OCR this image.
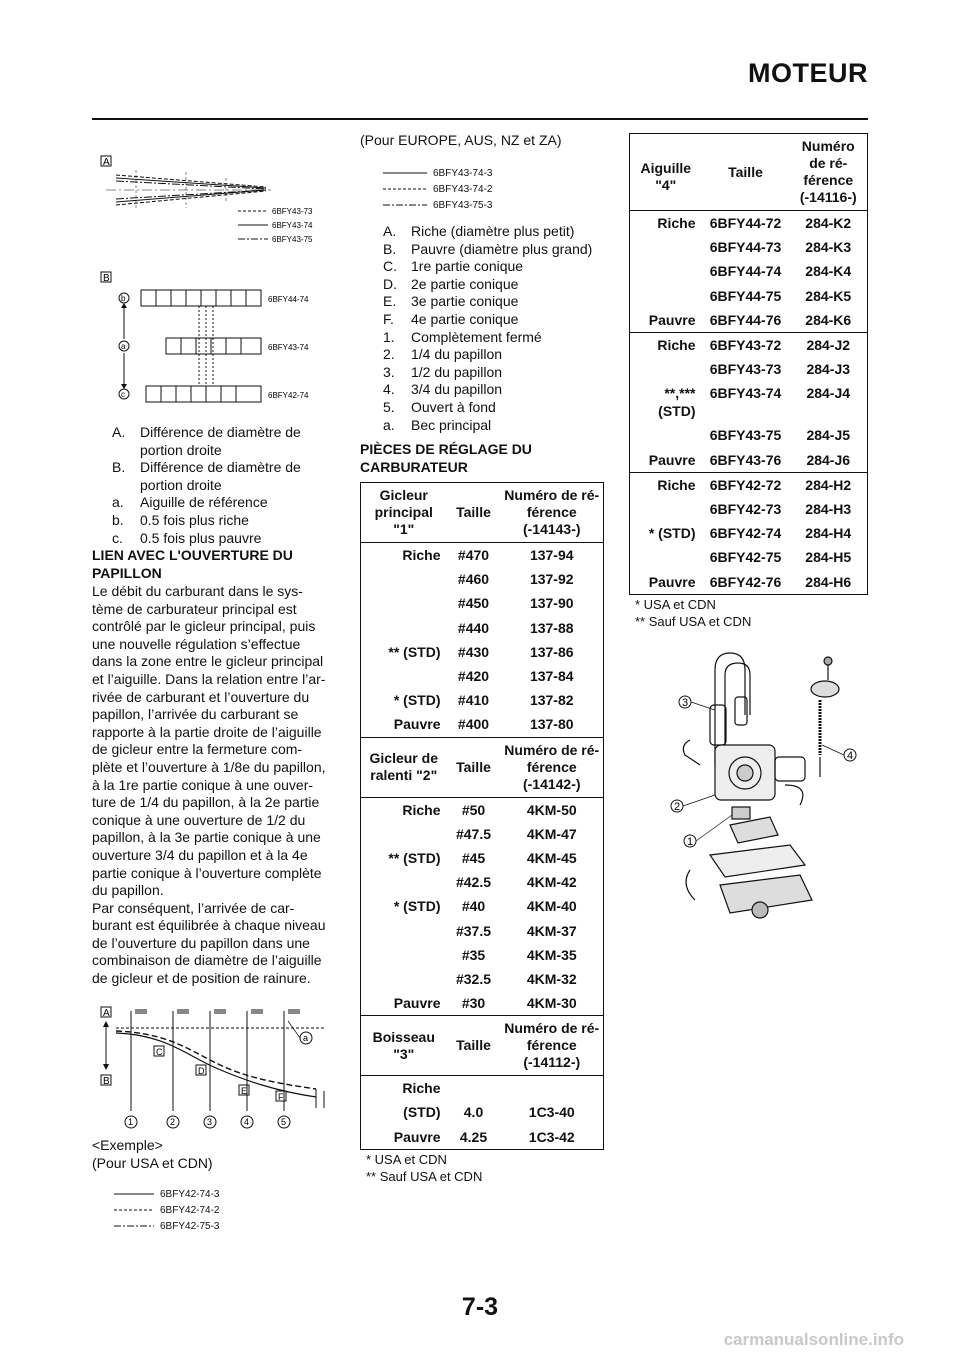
MOTEUR
A
6BFY43-73
6BFY43-74
6BFY43-75
B
b
a
c
6BFY44-74
6BFY43-74
6BFY42-74
A.	Différence de diamètre de portion droite
B.	Différence de diamètre de portion droite
a.	Aiguille de référence
b.	0.5 fois plus riche
c.	0.5 fois plus pauvre
LIEN AVEC L'OUVERTURE DU PAPILLON
Le débit du carburant dans le sys-
tème de carburateur principal est
contrôlé par le gicleur principal, puis
une nouvelle régulation s’effectue
dans la zone entre le gicleur principal
et l’aiguille. Dans la relation entre l’ar-
rivée de carburant et l’ouverture du
papillon, l’arrivée du carburant se
rapporte à la partie droite de l’aiguille
de gicleur entre la fermeture com-
plète et l’ouverture à 1/8e du papillon,
à la 1re partie conique à une ouver-
ture de 1/4 du papillon, à la 2e partie
conique à une ouverture de 1/2 du
papillon, à la 3e partie conique à une
ouverture 3/4 du papillon et à la 4e
partie conique à l’ouverture complète
du papillon.
Par conséquent, l’arrivée de car-
burant est équilibrée à chaque niveau
de l’ouverture du papillon dans une
combinaison de diamètre de l’aiguille
de gicleur et de position de rainure.
A
B
C
D
E
F
a
1	2	3	4	5
<Exemple>
(Pour USA et CDN)
6BFY42-74-3
6BFY42-74-2
6BFY42-75-3
(Pour EUROPE, AUS, NZ et ZA)
6BFY43-74-3
6BFY43-74-2
6BFY43-75-3
A.	Riche (diamètre plus petit)
B.	Pauvre (diamètre plus grand)
C.	1re partie conique
D.	2e partie conique
E.	3e partie conique
F.	4e partie conique
1.	Complètement fermé
2.	1/4 du papillon
3.	1/2 du papillon
4.	3/4 du papillon
5.	Ouvert à fond
a.	Bec principal
PIÈCES DE RÉGLAGE DU CARBURATEUR
Gicleur principal "1"	Taille	Numéro de ré-férence (-14143-)
Riche	#470	137-94
	#460	137-92
	#450	137-90
	#440	137-88
** (STD)	#430	137-86
	#420	137-84
* (STD)	#410	137-82
Pauvre	#400	137-80
Gicleur de ralenti "2"	Taille	Numéro de ré-férence (-14142-)
Riche	#50	4KM-50
	#47.5	4KM-47
** (STD)	#45	4KM-45
	#42.5	4KM-42
* (STD)	#40	4KM-40
	#37.5	4KM-37
	#35	4KM-35
	#32.5	4KM-32
Pauvre	#30	4KM-30
Boisseau "3"	Taille	Numéro de ré-férence (-14112-)
Riche		
(STD)	4.0	1C3-40
Pauvre	4.25	1C3-42
* USA et CDN
** Sauf USA et CDN
Aiguille "4"	Taille	Numéro de ré-férence (-14116-)
Riche	6BFY44-72	284-K2
	6BFY44-73	284-K3
	6BFY44-74	284-K4
	6BFY44-75	284-K5
Pauvre	6BFY44-76	284-K6
Riche	6BFY43-72	284-J2
	6BFY43-73	284-J3
**,*** (STD)	6BFY43-74	284-J4
	6BFY43-75	284-J5
Pauvre	6BFY43-76	284-J6
Riche	6BFY42-72	284-H2
	6BFY42-73	284-H3
* (STD)	6BFY42-74	284-H4
	6BFY42-75	284-H5
Pauvre	6BFY42-76	284-H6
* USA et CDN
** Sauf USA et CDN
3
4
2
1
7-3
carmanualsonline.info
